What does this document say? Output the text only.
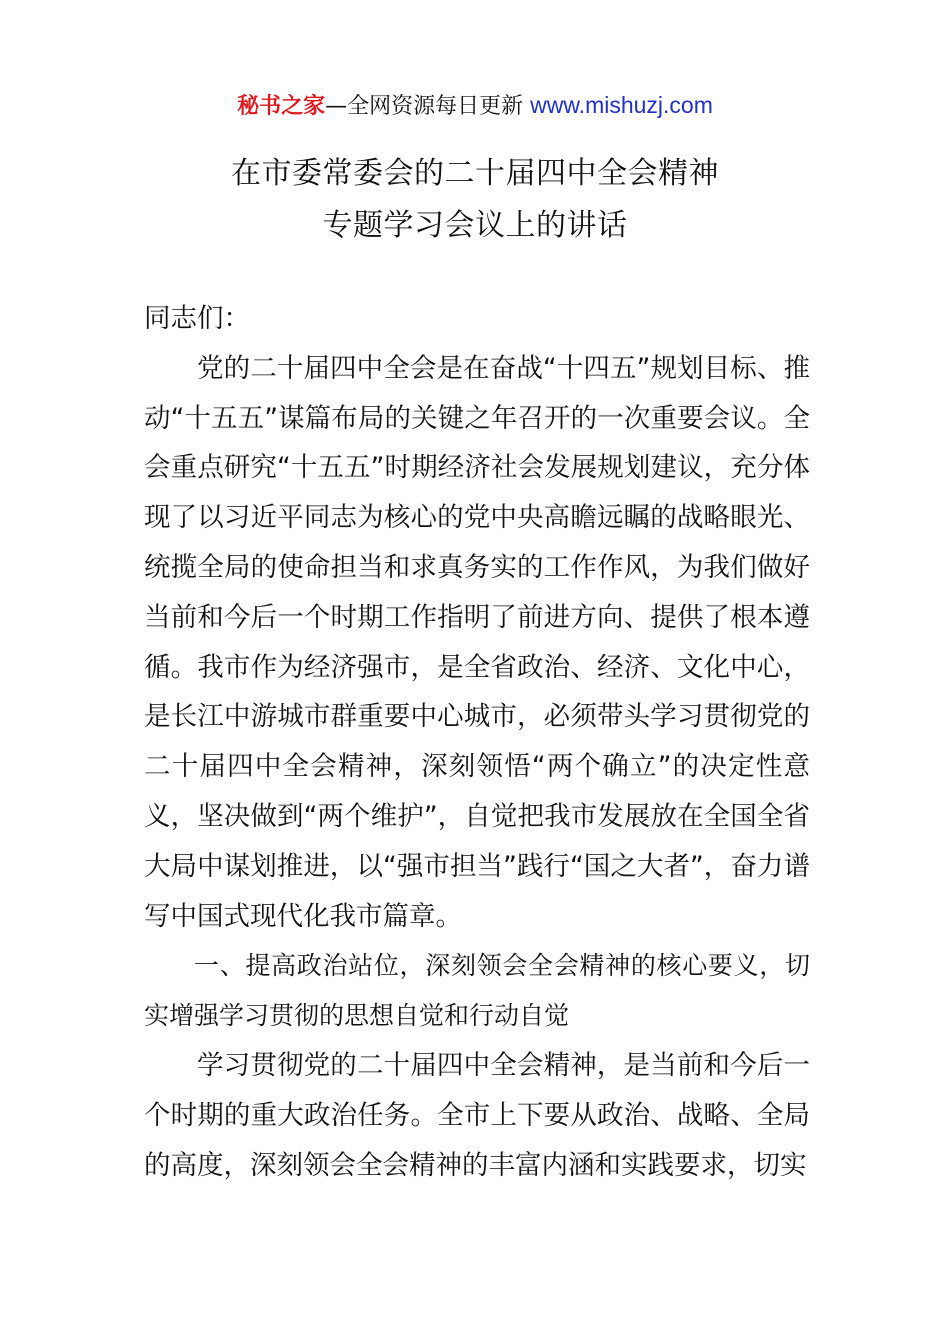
秘书之家—全网资源每日更新 www.mishuzj.com
在市委常委会的二十届四中全会精神
专题学习会议上的讲话

同志们：

党的二十届四中全会是在奋战“十四五”规划目标、推动“十五五”谋篇布局的关键之年召开的一次重要会议。全会重点研究“十五五”时期经济社会发展规划建议，充分体现了以习近平同志为核心的党中央高瞻远瞩的战略眼光、统揽全局的使命担当和求真务实的工作作风，为我们做好当前和今后一个时期工作指明了前进方向、提供了根本遵循。我市作为经济强市，是全省政治、经济、文化中心，是长江中游城市群重要中心城市，必须带头学习贯彻党的二十届四中全会精神，深刻领悟“两个确立”的决定性意义，坚决做到“两个维护”，自觉把我市发展放在全国全省大局中谋划推进，以“强市担当”践行“国之大者”，奋力谱写中国式现代化我市篇章。

一、提高政治站位，深刻领会全会精神的核心要义，切实增强学习贯彻的思想自觉和行动自觉

学习贯彻党的二十届四中全会精神，是当前和今后一个时期的重大政治任务。全市上下要从政治、战略、全局的高度，深刻领会全会精神的丰富内涵和实践要求，切实
